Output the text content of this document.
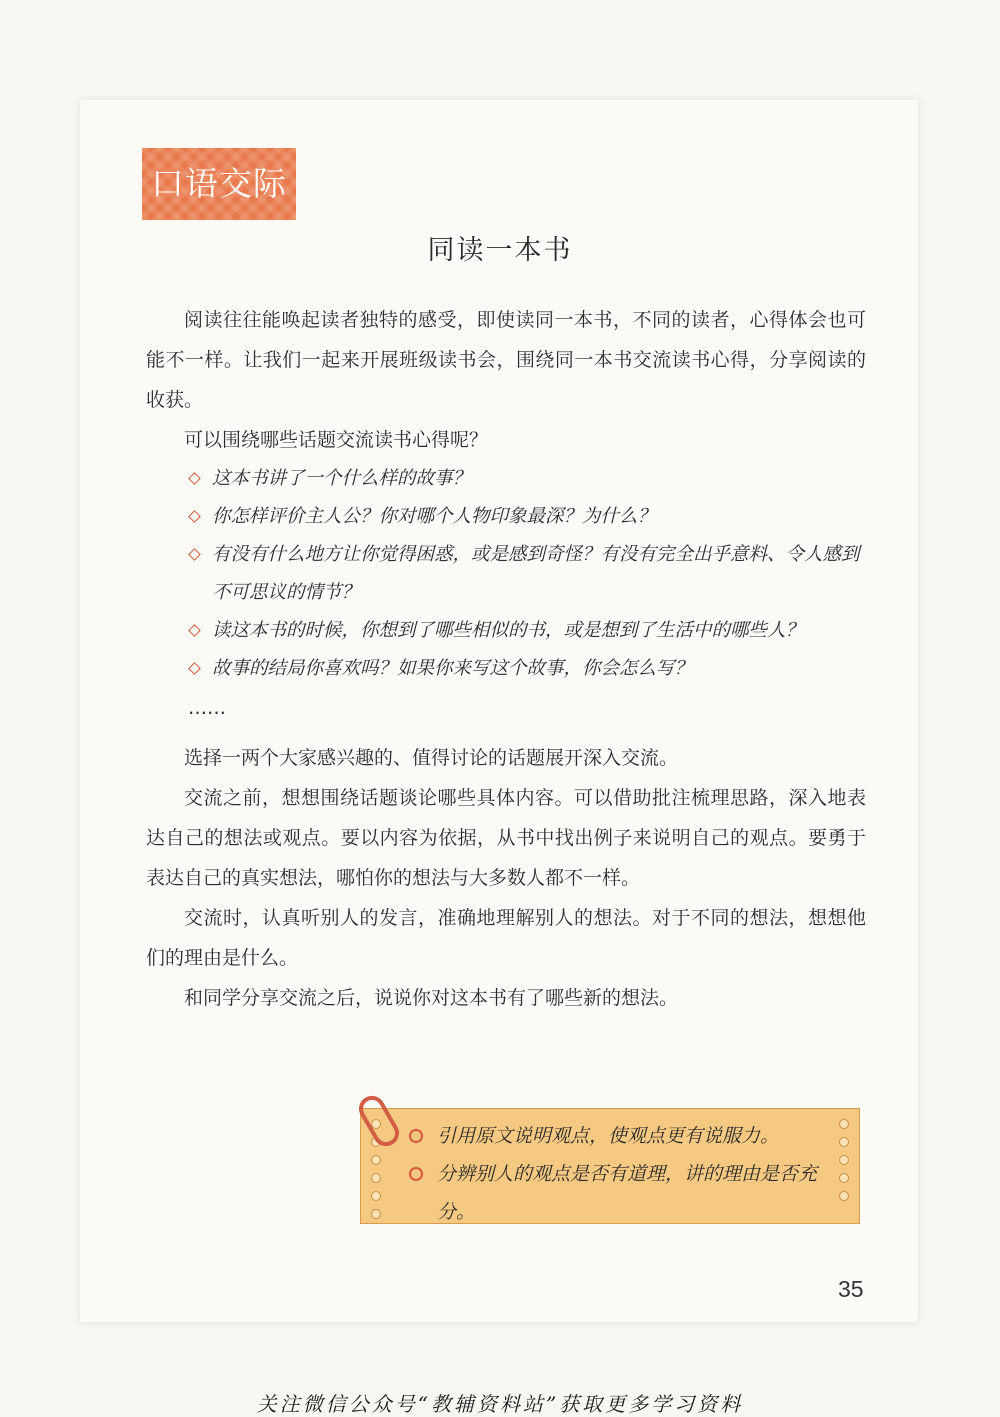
口语交际
同读一本书

阅读往往能唤起读者独特的感受，即使读同一本书，不同的读者，心得体会也可能不一样。让我们一起来开展班级读书会，围绕同一本书交流读书心得，分享阅读的收获。

可以围绕哪些话题交流读书心得呢？

这本书讲了一个什么样的故事？
你怎样评价主人公？你对哪个人物印象最深？为什么？
有没有什么地方让你觉得困惑，或是感到奇怪？有没有完全出乎意料、令人感到不可思议的情节？
读这本书的时候，你想到了哪些相似的书，或是想到了生活中的哪些人？
故事的结局你喜欢吗？如果你来写这个故事，你会怎么写？
……

选择一两个大家感兴趣的、值得讨论的话题展开深入交流。

交流之前，想想围绕话题谈论哪些具体内容。可以借助批注梳理思路，深入地表达自己的想法或观点。要以内容为依据，从书中找出例子来说明自己的观点。要勇于表达自己的真实想法，哪怕你的想法与大多数人都不一样。

交流时，认真听别人的发言，准确地理解别人的想法。对于不同的想法，想想他们的理由是什么。

和同学分享交流之后，说说你对这本书有了哪些新的想法。

引用原文说明观点，使观点更有说服力。
分辨别人的观点是否有道理，讲的理由是否充分。
35
关注微信公众号“教辅资料站”获取更多学习资料
